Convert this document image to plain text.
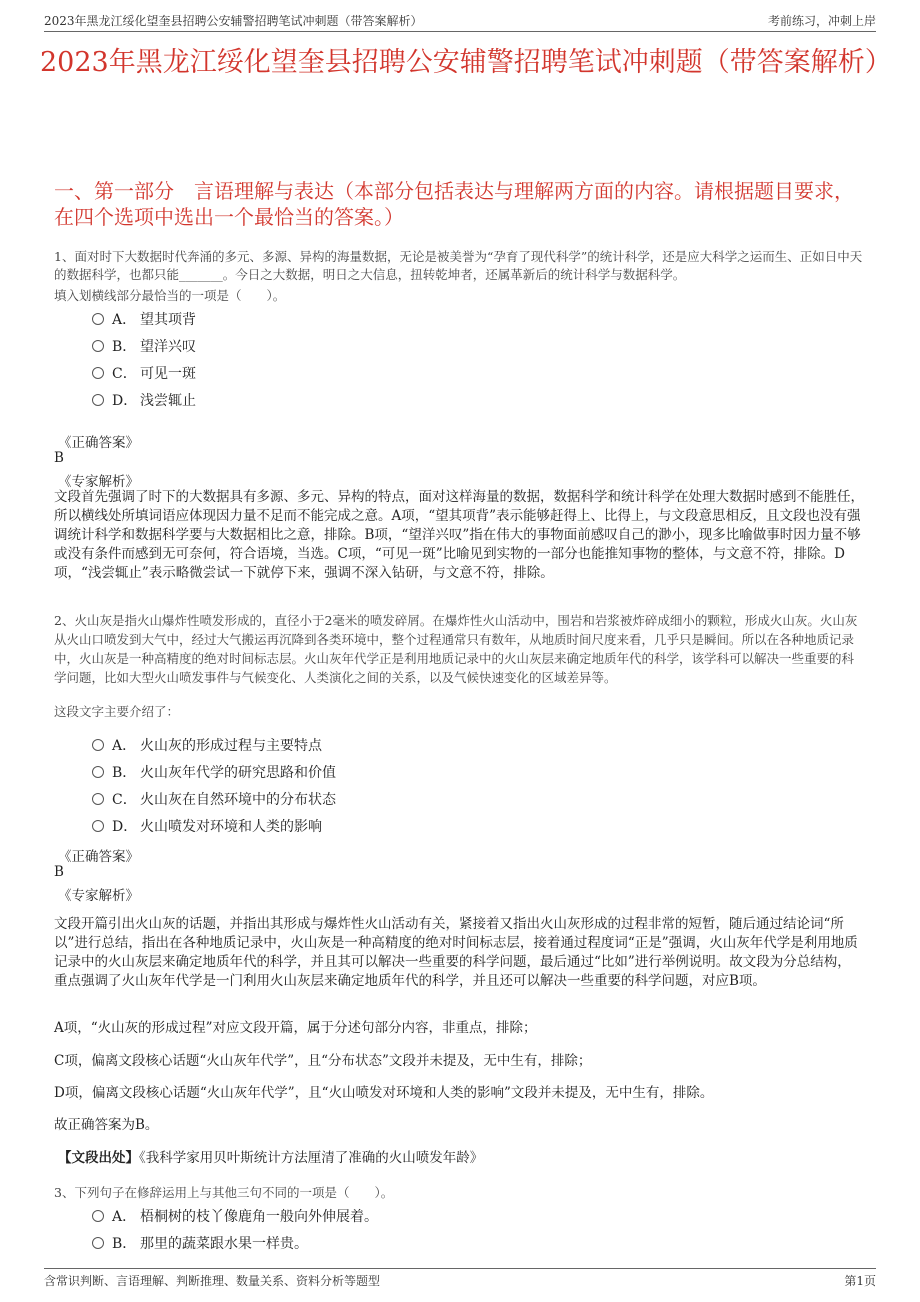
2023年黑龙江绥化望奎县招聘公安辅警招聘笔试冲刺题（带答案解析）	考前练习，冲刺上岸
2023年黑龙江绥化望奎县招聘公安辅警招聘笔试冲刺题（带答案解析）
一、第一部分　言语理解与表达（本部分包括表达与理解两方面的内容。请根据题目要求，在四个选项中选出一个最恰当的答案。）
1、面对时下大数据时代奔涌的多元、多源、异构的海量数据，无论是被美誉为“孕育了现代科学”的统计科学，还是应大科学之运而生、正如日中天的数据科学，也都只能_______。今日之大数据，明日之大信息，扭转乾坤者，还属革新后的统计科学与数据科学。
填入划横线部分最恰当的一项是（　　）。
A． 望其项背
B． 望洋兴叹
C． 可见一斑
D． 浅尝辄止
《正确答案》
B
《专家解析》
文段首先强调了时下的大数据具有多源、多元、异构的特点，面对这样海量的数据，数据科学和统计科学在处理大数据时感到不能胜任，所以横线处所填词语应体现因力量不足而不能完成之意。A项，“望其项背”表示能够赶得上、比得上，与文段意思相反，且文段也没有强调统计科学和数据科学要与大数据相比之意，排除。B项，“望洋兴叹”指在伟大的事物面前感叹自己的渺小，现多比喻做事时因力量不够或没有条件而感到无可奈何，符合语境，当选。C项，“可见一斑”比喻见到实物的一部分也能推知事物的整体，与文意不符，排除。D项，“浅尝辄止”表示略微尝试一下就停下来，强调不深入钻研，与文意不符，排除。
2、火山灰是指火山爆炸性喷发形成的，直径小于2毫米的喷发碎屑。在爆炸性火山活动中，围岩和岩浆被炸碎成细小的颗粒，形成火山灰。火山灰从火山口喷发到大气中，经过大气搬运再沉降到各类环境中，整个过程通常只有数年，从地质时间尺度来看，几乎只是瞬间。所以在各种地质记录中，火山灰是一种高精度的绝对时间标志层。火山灰年代学正是利用地质记录中的火山灰层来确定地质年代的科学，该学科可以解决一些重要的科学问题，比如大型火山喷发事件与气候变化、人类演化之间的关系，以及气候快速变化的区域差异等。
这段文字主要介绍了：
A． 火山灰的形成过程与主要特点
B． 火山灰年代学的研究思路和价值
C． 火山灰在自然环境中的分布状态
D． 火山喷发对环境和人类的影响
《正确答案》
B
《专家解析》
文段开篇引出火山灰的话题，并指出其形成与爆炸性火山活动有关，紧接着又指出火山灰形成的过程非常的短暂，随后通过结论词“所以”进行总结，指出在各种地质记录中，火山灰是一种高精度的绝对时间标志层，接着通过程度词“正是”强调，火山灰年代学是利用地质记录中的火山灰层来确定地质年代的科学，并且其可以解决一些重要的科学问题，最后通过“比如”进行举例说明。故文段为分总结构，重点强调了火山灰年代学是一门利用火山灰层来确定地质年代的科学，并且还可以解决一些重要的科学问题，对应B项。
A项，“火山灰的形成过程”对应文段开篇，属于分述句部分内容，非重点，排除；
C项，偏离文段核心话题“火山灰年代学”，且“分布状态”文段并未提及，无中生有，排除；
D项，偏离文段核心话题“火山灰年代学”，且“火山喷发对环境和人类的影响”文段并未提及，无中生有，排除。
故正确答案为B。
【文段出处】《我科学家用贝叶斯统计方法厘清了准确的火山喷发年龄》
3、下列句子在修辞运用上与其他三句不同的一项是（　　）。
A． 梧桐树的枝丫像鹿角一般向外伸展着。
B． 那里的蔬菜跟水果一样贵。
含常识判断、言语理解、判断推理、数量关系、资料分析等题型	第1页
